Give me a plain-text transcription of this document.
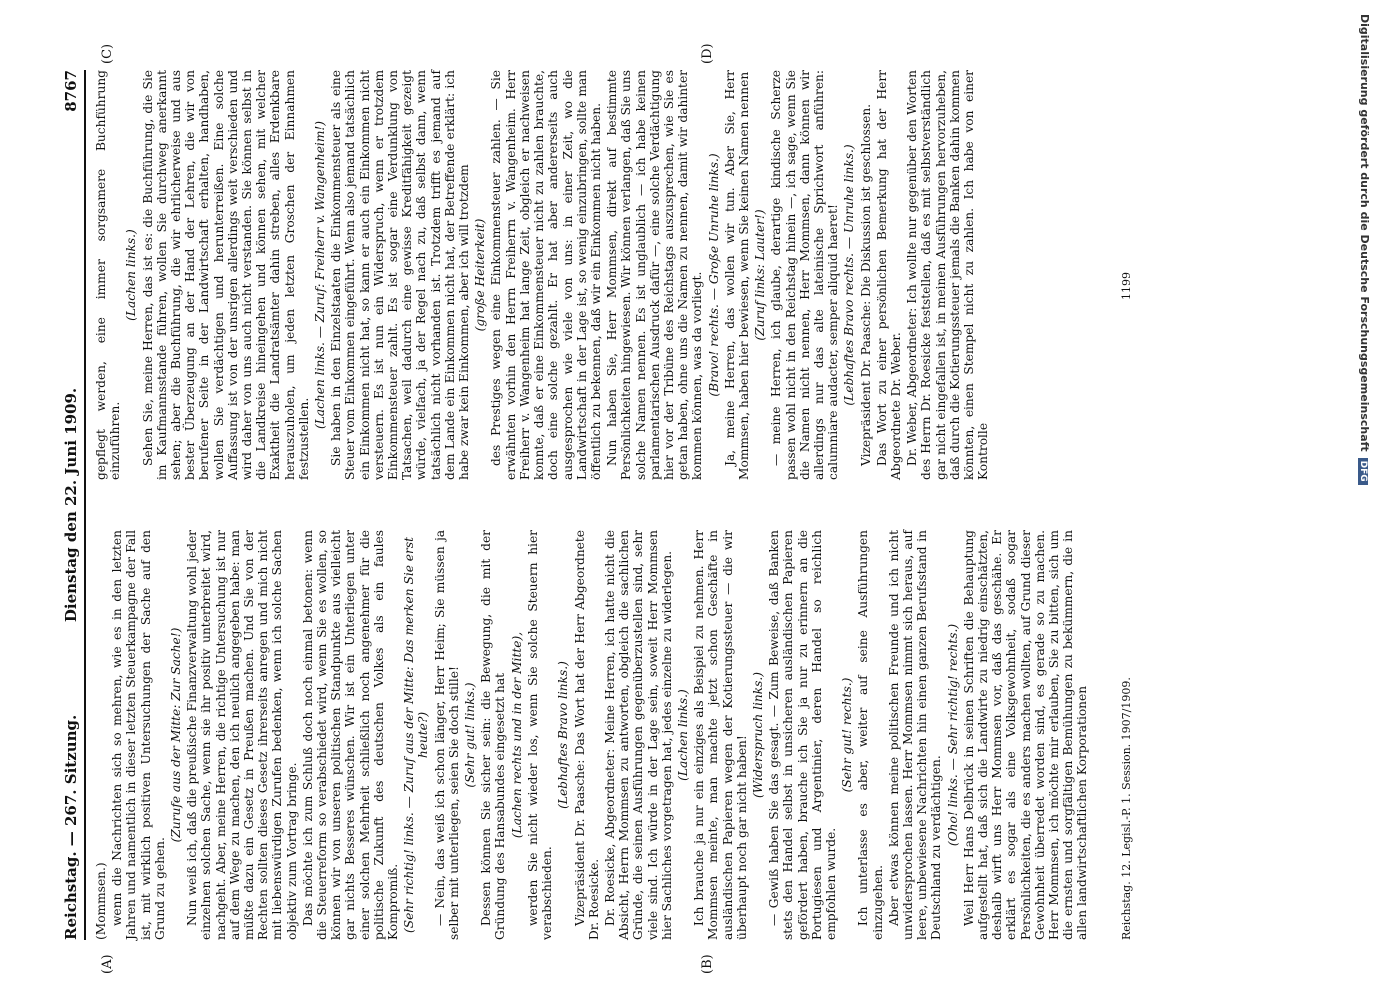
Reichstag. — 267. Sitzung.
Dienstag den 22. Juni 1909.
8767
(A)	(B)
(C)	(D)

(Mommsen.) wenn die Nachrichten sich so mehren, wie es in den letzten Jahren und namentlich in dieser letzten Steuerkampagne der Fall ist, mit wirklich positiven Untersuchungen der Sache auf den Grund zu gehen.

(Zurufe aus der Mitte: Zur Sache!) Nun weiß ich, daß die preußische Finanzverwaltung wohl jeder einzelnen solchen Sache, wenn sie ihr positiv unterbreitet wird, nachgeht. Aber, meine Herren, die richtige Untersuchung ist nur auf dem Wege zu machen, den ich neulich angegeben habe: man müßte dazu ein Gesetz in Preußen machen. Und Sie von der Rechten sollten dieses Gesetz ihrerseits anregen und mich nicht mit liebenswürdigen Zurufen bedenken, wenn ich solche Sachen objektiv zum Vortrag bringe. Das möchte ich zum Schluß doch noch einmal betonen: wenn die Steuerreform so verabschiedet wird, wenn Sie es wollen, so können wir von unseren politischen Standpunkte aus vielleicht gar nichts Besseres wünschen. Wir ist ein Unterliegen unter einer solchen Mehrheit schließlich noch angenehmer für die politische Zukunft des deutschen Volkes als ein faules Kompromiß. (Sehr richtig! links. — Zuruf aus der Mitte: Das merken Sie erst heute?) — Nein, das weiß ich schon länger, Herr Heim; Sie müssen ja selber mit unterliegen, seien Sie doch stille! (Sehr gut! links.) Dessen können Sie sicher sein: die Bewegung, die mit der Gründung des Hansabundes eingesetzt hat (Lachen rechts und in der Mitte), werden Sie nicht wieder los, wenn Sie solche Steuern hier verabschieden.

(Lebhaftes Bravo links.) Vizepräsident Dr. Paasche: Das Wort hat der Herr Abgeordnete Dr. Roesicke. Dr. Roesicke, Abgeordneter: Meine Herren, ich hatte nicht die Absicht, Herrn Mommsen zu antworten, obgleich die sachlichen Gründe, die seinen Ausführungen gegenüberzustellen sind, sehr viele sind. Ich würde in der Lage sein, soweit Herr Mommsen hier Sachliches vorgetragen hat, jedes einzelne zu widerlegen. (Lachen links.) Ich brauche ja nur ein einziges als Beispiel zu nehmen. Herr Mommsen meinte, man machte jetzt schon Geschäfte in ausländischen Papieren wegen der Kotierungssteuer — die wir überhaupt noch gar nicht haben!

(Widerspruch links.) — Gewiß haben Sie das gesagt. — Zum Beweise, daß Banken stets den Handel selbst in unsicheren ausländischen Papieren gefördert haben, brauche ich Sie ja nur zu erinnern an die Portugiesen und Argentinier, deren Handel so reichlich empfohlen wurde.

(Sehr gut! rechts.) Ich unterlasse es aber, weiter auf seine Ausführungen einzugehen. Aber etwas können meine politischen Freunde und ich nicht unwidersprochen lassen. Herr Mommsen nimmt sich heraus, auf leere, unbewiesene Nachrichten hin einen ganzen Berufsstand in Deutschland zu verdächtigen.

(Oho! links. — Sehr richtig! rechts.) Weil Herr Hans Delbrück in seinen Schriften die Behauptung aufgestellt hat, daß sich die Landwirte zu niedrig einschätzten, deshalb wirft uns Herr Mommsen vor, daß das geschähe. Er erklärt es sogar als eine Volksgewohnheit, sodaß sogar Persönlichkeiten, die es anders machen wollten, auf Grund dieser Gewohnheit überredet worden sind, es gerade so zu machen. Herr Mommsen, ich möchte mir erlauben, Sie zu bitten, sich um die ernsten und sorgfältigen Bemühungen zu bekümmern, die in allen landwirtschaftlichen Korporationen

gepflegt werden, eine immer sorgsamere Buchführung einzuführen.

(Lachen links.) Sehen Sie, meine Herren, das ist es: die Buchführung, die Sie im Kaufmannsstande führen, wollen Sie durchweg anerkannt sehen; aber die Buchführung, die wir ehrlicherweise und aus bester Überzeugung an der Hand der Lehren, die wir von berufener Seite in der Landwirtschaft erhalten, handhaben, wollen Sie verdächtigen und herunterreißen. Eine solche Auffassung ist von der unsrigen allerdings weit verschieden und wird daher von uns auch nicht verstanden. Sie können selbst in die Landkreise hineingehen und können sehen, mit welcher Exaktheit die Landratsämter dahin streben, alles Erdenkbare herauszuholen, um jeden letzten Groschen der Einnahmen festzustellen.

(Lachen links. — Zuruf: Freiherr v. Wangenheim!) Sie haben in den Einzelstaaten die Einkommensteuer als eine Steuer vom Einkommen eingeführt. Wenn also jemand tatsächlich ein Einkommen nicht hat, so kann er auch ein Einkommen nicht versteuern. Es ist nun ein Widerspruch, wenn er trotzdem Einkommensteuer zahlt. Es ist sogar eine Verdunklung von Tatsachen, weil dadurch eine gewisse Kreditfähigkeit gezeigt würde, vielfach, ja der Regel nach zu, daß selbst dann, wenn tatsächlich nicht vorhanden ist. Trotzdem trifft es jemand auf dem Lande ein Einkommen nicht hat, der Betreffende erklärt: ich habe zwar kein Einkommen, aber ich will trotzdem (große Heiterkeit) des Prestiges wegen eine Einkommensteuer zahlen. — Sie erwähnten vorhin den Herrn Freiherrn v. Wangenheim. Herr Freiherr v. Wangenheim hat lange Zeit, obgleich er nachweisen konnte, daß er eine Einkommensteuer nicht zu zahlen brauchte, doch eine solche gezahlt. Er hat aber andererseits auch ausgesprochen wie viele von uns: in einer Zeit, wo die Landwirtschaft in der Lage ist, so wenig einzubringen, sollte man öffentlich zu bekennen, daß wir ein Einkommen nicht haben. Nun haben Sie, Herr Mommsen, direkt auf bestimmte Persönlichkeiten hingewiesen. Wir können verlangen, daß Sie uns solche Namen nennen. Es ist unglaublich — ich habe keinen parlamentarischen Ausdruck dafür —, eine solche Verdächtigung hier vor der Tribüne des Reichstags auszusprechen, wie Sie es getan haben, ohne uns die Namen zu nennen, damit wir dahinter kommen können, was da vorliegt. (Bravo! rechts. — Große Unruhe links.) Ja, meine Herren, das wollen wir tun. Aber Sie, Herr Mommsen, haben hier bewiesen, wenn Sie keinen Namen nennen (Zuruf links: Lauter!) — meine Herren, ich glaube, derartige kindische Scherze passen wohl nicht in den Reichstag hinein —, ich sage, wenn Sie die Namen nicht nennen, Herr Mommsen, dann können wir allerdings nur das alte lateinische Sprichwort anführen: calumniare audacter, semper aliquid haeret! (Lebhaftes Bravo rechts. — Unruhe links.) Vizepräsident Dr. Paasche: Die Diskussion ist geschlossen. Das Wort zu einer persönlichen Bemerkung hat der Herr Abgeordnete Dr. Weber. Dr. Weber, Abgeordneter: Ich wollte nur gegenüber den Worten des Herrn Dr. Roesicke feststellen, daß es mit selbstverständlich gar nicht eingefallen ist, in meinen Ausführungen hervorzuheben, daß durch die Kotierungssteuer jemals die Banken dahin kommen könnten, einen Stempel nicht zu zahlen. Ich habe von einer Kontrolle

Reichstag. 12. Legisl.-P. 1. Session. 1907/1909.
1199	Digitalisierung gefördert durch die Deutsche ForschungsgemeinschaftDFG
